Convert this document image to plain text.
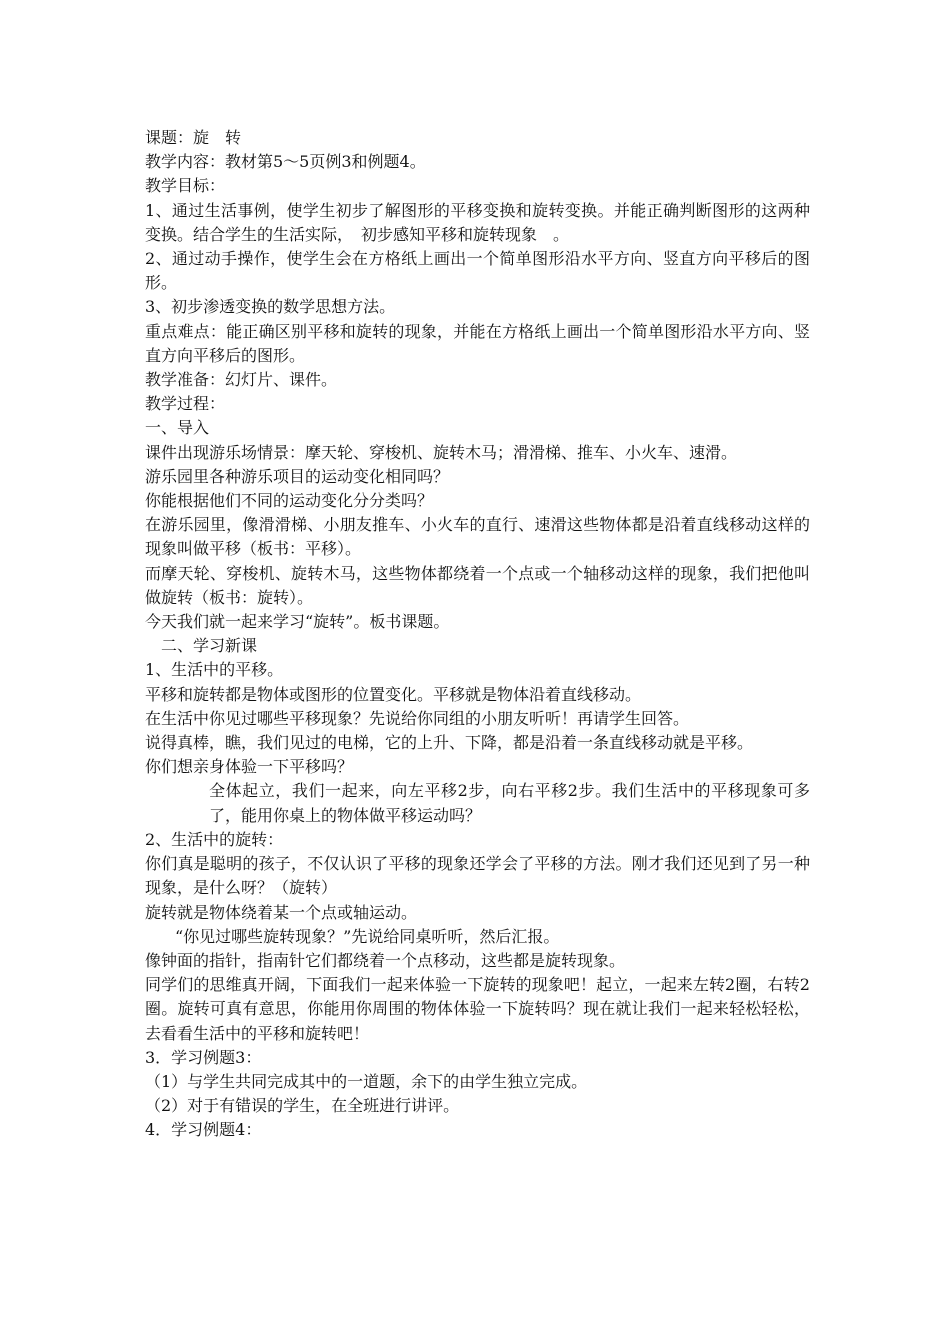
课题：旋　转

教学内容：教材第5～5页例3和例题4。

教学目标：

1、通过生活事例，使学生初步了解图形的平移变换和旋转变换。并能正确判断图形的这两种变换。结合学生的生活实际，　初步感知平移和旋转现象　。

2、通过动手操作，使学生会在方格纸上画出一个简单图形沿水平方向、竖直方向平移后的图形。

3、初步渗透变换的数学思想方法。

重点难点：能正确区别平移和旋转的现象，并能在方格纸上画出一个简单图形沿水平方向、竖直方向平移后的图形。

教学准备：幻灯片、课件。

教学过程：

一、导入

课件出现游乐场情景：摩天轮、穿梭机、旋转木马；滑滑梯、推车、小火车、速滑。

游乐园里各种游乐项目的运动变化相同吗？

你能根据他们不同的运动变化分分类吗？

在游乐园里，像滑滑梯、小朋友推车、小火车的直行、速滑这些物体都是沿着直线移动这样的现象叫做平移（板书：平移）。

而摩天轮、穿梭机、旋转木马，这些物体都绕着一个点或一个轴移动这样的现象，我们把他叫做旋转（板书：旋转）。

今天我们就一起来学习“旋转”。板书课题。

二、学习新课

1、生活中的平移。

平移和旋转都是物体或图形的位置变化。平移就是物体沿着直线移动。

在生活中你见过哪些平移现象？先说给你同组的小朋友听听！再请学生回答。

说得真棒，瞧，我们见过的电梯，它的上升、下降，都是沿着一条直线移动就是平移。

你们想亲身体验一下平移吗？

全体起立，我们一起来，向左平移2步，向右平移2步。我们生活中的平移现象可多了，能用你桌上的物体做平移运动吗？

2、生活中的旋转：

你们真是聪明的孩子，不仅认识了平移的现象还学会了平移的方法。刚才我们还见到了另一种现象，是什么呀？（旋转）

旋转就是物体绕着某一个点或轴运动。

“你见过哪些旋转现象？”先说给同桌听听，然后汇报。

像钟面的指针，指南针它们都绕着一个点移动，这些都是旋转现象。

同学们的思维真开阔，下面我们一起来体验一下旋转的现象吧！起立，一起来左转2圈，右转2圈。旋转可真有意思，你能用你周围的物体体验一下旋转吗？现在就让我们一起来轻松轻松，去看看生活中的平移和旋转吧！

3．学习例题3：

（1）与学生共同完成其中的一道题，余下的由学生独立完成。

（2）对于有错误的学生，在全班进行讲评。

4．学习例题4：
